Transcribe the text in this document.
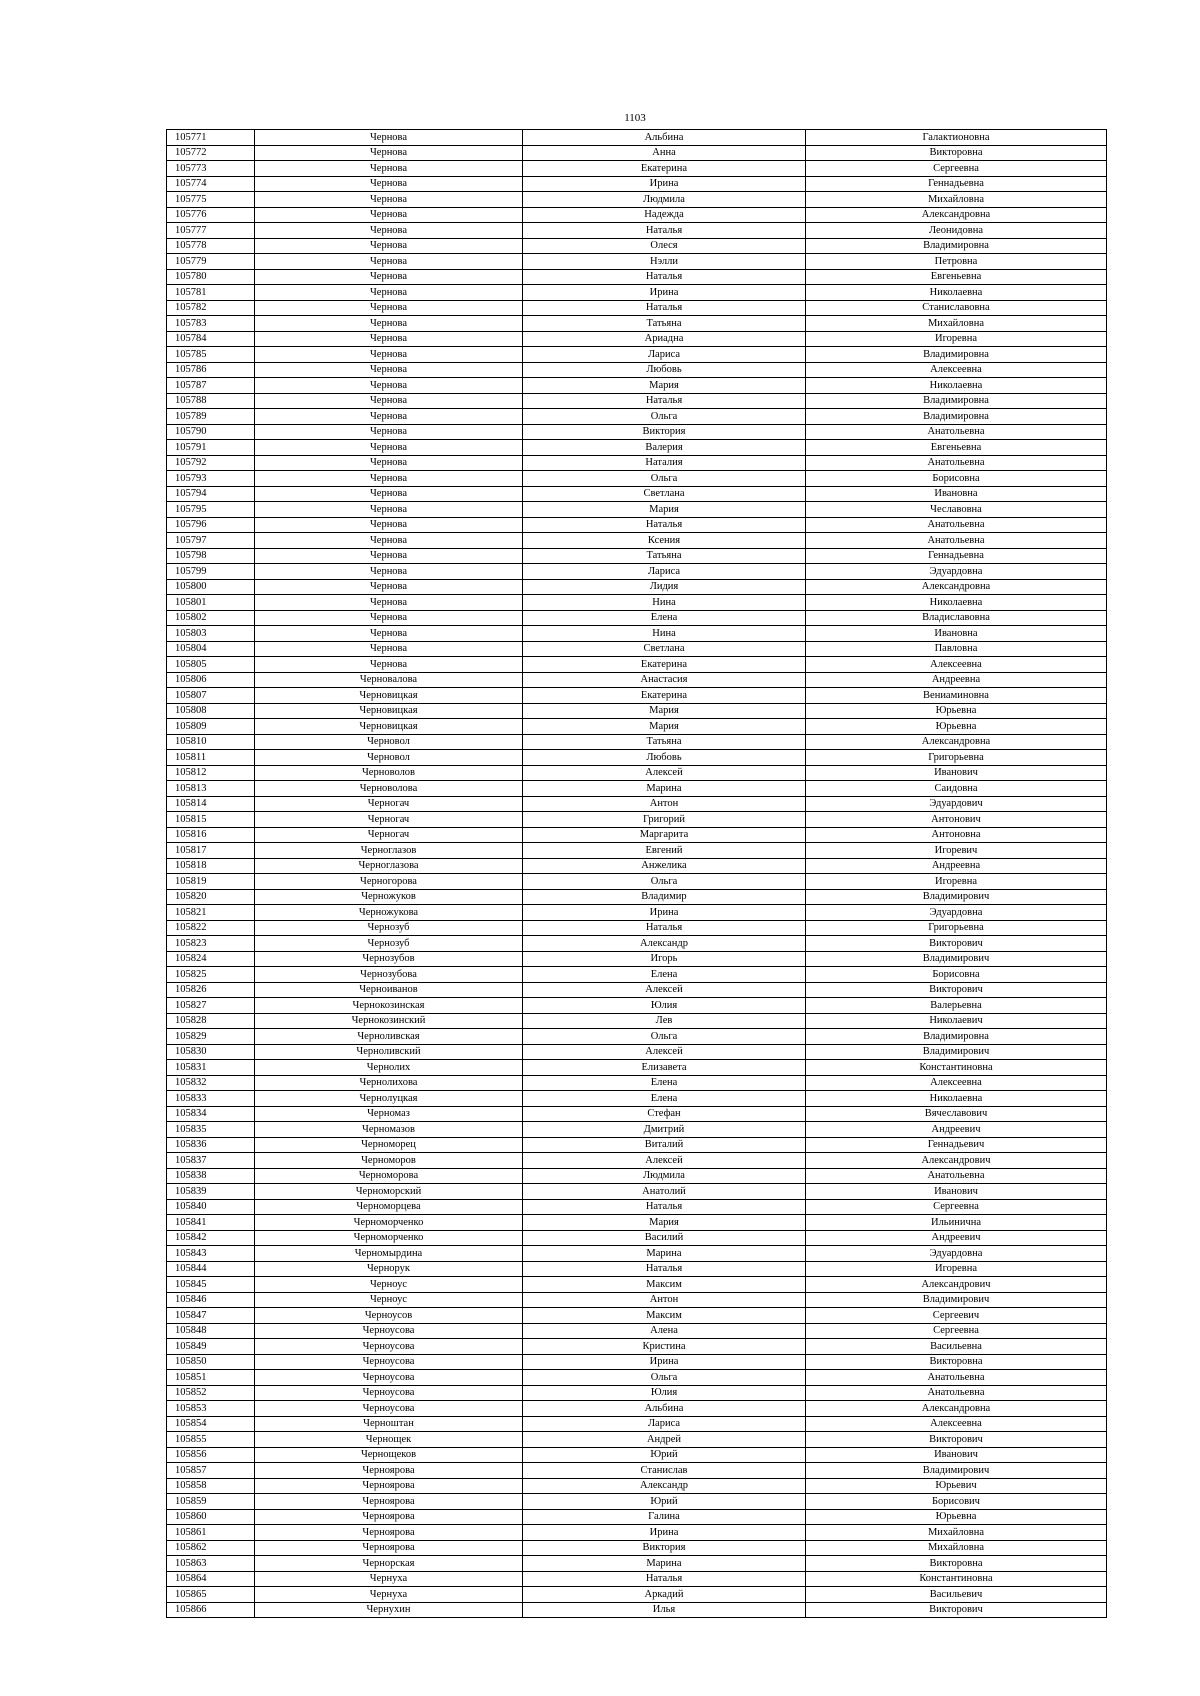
1103
105771	Чернова	Альбина	Галактионовна
105772	Чернова	Анна	Викторовна
105773	Чернова	Екатерина	Сергеевна
105774	Чернова	Ирина	Геннадьевна
105775	Чернова	Людмила	Михайловна
105776	Чернова	Надежда	Александровна
105777	Чернова	Наталья	Леонидовна
105778	Чернова	Олеся	Владимировна
105779	Чернова	Нэлли	Петровна
105780	Чернова	Наталья	Евгеньевна
105781	Чернова	Ирина	Николаевна
105782	Чернова	Наталья	Станиславовна
105783	Чернова	Татьяна	Михайловна
105784	Чернова	Ариадна	Игоревна
105785	Чернова	Лариса	Владимировна
105786	Чернова	Любовь	Алексеевна
105787	Чернова	Мария	Николаевна
105788	Чернова	Наталья	Владимировна
105789	Чернова	Ольга	Владимировна
105790	Чернова	Виктория	Анатольевна
105791	Чернова	Валерия	Евгеньевна
105792	Чернова	Наталия	Анатольевна
105793	Чернова	Ольга	Борисовна
105794	Чернова	Светлана	Ивановна
105795	Чернова	Мария	Чеславовна
105796	Чернова	Наталья	Анатольевна
105797	Чернова	Ксения	Анатольевна
105798	Чернова	Татьяна	Геннадьевна
105799	Чернова	Лариса	Эдуардовна
105800	Чернова	Лидия	Александровна
105801	Чернова	Нина	Николаевна
105802	Чернова	Елена	Владиславовна
105803	Чернова	Нина	Ивановна
105804	Чернова	Светлана	Павловна
105805	Чернова	Екатерина	Алексеевна
105806	Черновалова	Анастасия	Андреевна
105807	Черновицкая	Екатерина	Вениаминовна
105808	Черновицкая	Мария	Юрьевна
105809	Черновицкая	Мария	Юрьевна
105810	Черновол	Татьяна	Александровна
105811	Черновол	Любовь	Григорьевна
105812	Черноволов	Алексей	Иванович
105813	Черноволова	Марина	Саидовна
105814	Черногач	Антон	Эдуардович
105815	Черногач	Григорий	Антонович
105816	Черногач	Маргарита	Антоновна
105817	Черноглазов	Евгений	Игоревич
105818	Черноглазова	Анжелика	Андреевна
105819	Черногорова	Ольга	Игоревна
105820	Черножуков	Владимир	Владимирович
105821	Черножукова	Ирина	Эдуардовна
105822	Чернозуб	Наталья	Григорьевна
105823	Чернозуб	Александр	Викторович
105824	Чернозубов	Игорь	Владимирович
105825	Чернозубова	Елена	Борисовна
105826	Черноиванов	Алексей	Викторович
105827	Чернокозинская	Юлия	Валерьевна
105828	Чернокозинский	Лев	Николаевич
105829	Черноливская	Ольга	Владимировна
105830	Черноливский	Алексей	Владимирович
105831	Чернолих	Елизавета	Константиновна
105832	Чернолихова	Елена	Алексеевна
105833	Чернолуцкая	Елена	Николаевна
105834	Черномаз	Стефан	Вячеславович
105835	Черномазов	Дмитрий	Андреевич
105836	Черноморец	Виталий	Геннадьевич
105837	Черноморов	Алексей	Александрович
105838	Черноморова	Людмила	Анатольевна
105839	Черноморский	Анатолий	Иванович
105840	Черноморцева	Наталья	Сергеевна
105841	Черноморченко	Мария	Ильинична
105842	Черноморченко	Василий	Андреевич
105843	Черномырдина	Марина	Эдуардовна
105844	Чернорук	Наталья	Игоревна
105845	Черноус	Максим	Александрович
105846	Черноус	Антон	Владимирович
105847	Черноусов	Максим	Сергеевич
105848	Черноусова	Алена	Сергеевна
105849	Черноусова	Кристина	Васильевна
105850	Черноусова	Ирина	Викторовна
105851	Черноусова	Ольга	Анатольевна
105852	Черноусова	Юлия	Анатольевна
105853	Черноусова	Альбина	Александровна
105854	Черноштан	Лариса	Алексеевна
105855	Чернощек	Андрей	Викторович
105856	Чернощеков	Юрий	Иванович
105857	Черноярова	Станислав	Владимирович
105858	Черноярова	Александр	Юрьевич
105859	Черноярова	Юрий	Борисович
105860	Черноярова	Галина	Юрьевна
105861	Черноярова	Ирина	Михайловна
105862	Черноярова	Виктория	Михайловна
105863	Чернорская	Марина	Викторовна
105864	Чернуха	Наталья	Константиновна
105865	Чернуха	Аркадий	Васильевич
105866	Чернухин	Илья	Викторович
